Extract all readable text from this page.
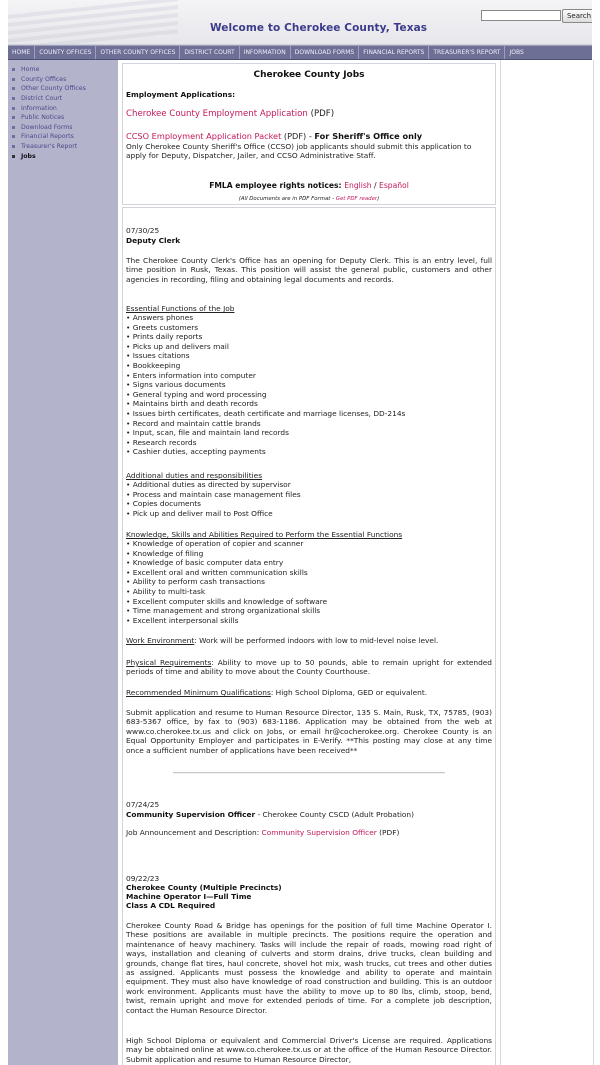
Welcome to Cherokee County, Texas
Search
HOME	COUNTY OFFICES	OTHER COUNTY OFFICES	DISTRICT COURT	INFORMATION	DOWNLOAD FORMS	FINANCIAL REPORTS	TREASURER'S REPORT	JOBS
Home
County Offices
Other County Offices
District Court
Information
Public Notices
Download Forms
Financial Reports
Treasurer's Report
Jobs
Cherokee County Jobs
Employment Applications:
Cherokee County Employment Application (PDF)
CCSO Employment Application Packet (PDF) - For Sheriff's Office only
Only Cherokee County Sheriff's Office (CCSO) job applicants should submit this application to apply for Deputy, Dispatcher, Jailer, and CCSO Administrative Staff.
FMLA employee rights notices: English / Español
(All Documents are in PDF Format - Get PDF reader)
07/30/25
Deputy Clerk
The Cherokee County Clerk's Office has an opening for Deputy Clerk. This is an entry level, full time position in Rusk, Texas. This position will assist the general public, customers and other agencies in recording, filing and obtaining legal documents and records.
Essential Functions of the Job
• Answers phones
• Greets customers
• Prints daily reports
• Picks up and delivers mail
• Issues citations
• Bookkeeping
• Enters information into computer
• Signs various documents
• General typing and word processing
• Maintains birth and death records
• Issues birth certificates, death certificate and marriage licenses, DD-214s
• Record and maintain cattle brands
• Input, scan, file and maintain land records
• Research records
• Cashier duties, accepting payments
Additional duties and responsibilities
• Additional duties as directed by supervisor
• Process and maintain case management files
• Copies documents
• Pick up and deliver mail to Post Office
Knowledge, Skills and Abilities Required to Perform the Essential Functions
• Knowledge of operation of copier and scanner
• Knowledge of filing
• Knowledge of basic computer data entry
• Excellent oral and written communication skills
• Ability to perform cash transactions
• Ability to multi-task
• Excellent computer skills and knowledge of software
• Time management and strong organizational skills
• Excellent interpersonal skills
Work Environment: Work will be performed indoors with low to mid-level noise level.
Physical Requirements: Ability to move up to 50 pounds, able to remain upright for extended periods of time and ability to move about the County Courthouse.
Recommended Minimum Qualifications: High School Diploma, GED or equivalent.
Submit application and resume to Human Resource Director, 135 S. Main, Rusk, TX, 75785, (903) 683-5367 office, by fax to (903) 683-1186. Application may be obtained from the web at www.co.cherokee.tx.us and click on Jobs, or email hr@cocherokee.org. Cherokee County is an Equal Opportunity Employer and participates in E-Verify. **This posting may close at any time once a sufficient number of applications have been received**
07/24/25
Community Supervision Officer - Cherokee County CSCD (Adult Probation)
Job Announcement and Description: Community Supervision Officer (PDF)
09/22/23
Cherokee County (Multiple Precincts)
Machine Operator I—Full Time
Class A CDL Required
Cherokee County Road & Bridge has openings for the position of full time Machine Operator I. These positions are available in multiple precincts. The positions require the operation and maintenance of heavy machinery. Tasks will include the repair of roads, mowing road right of ways, installation and cleaning of culverts and storm drains, drive trucks, clean building and grounds, change flat tires, haul concrete, shovel hot mix, wash trucks, cut trees and other duties as assigned. Applicants must possess the knowledge and ability to operate and maintain equipment. They must also have knowledge of road construction and building. This is an outdoor work environment. Applicants must have the ability to move up to 80 lbs, climb, stoop, bend, twist, remain upright and move for extended periods of time. For a complete job description, contact the Human Resource Director.
High School Diploma or equivalent and Commercial Driver's License are required. Applications may be obtained online at www.co.cherokee.tx.us or at the office of the Human Resource Director. Submit application and resume to Human Resource Director,
